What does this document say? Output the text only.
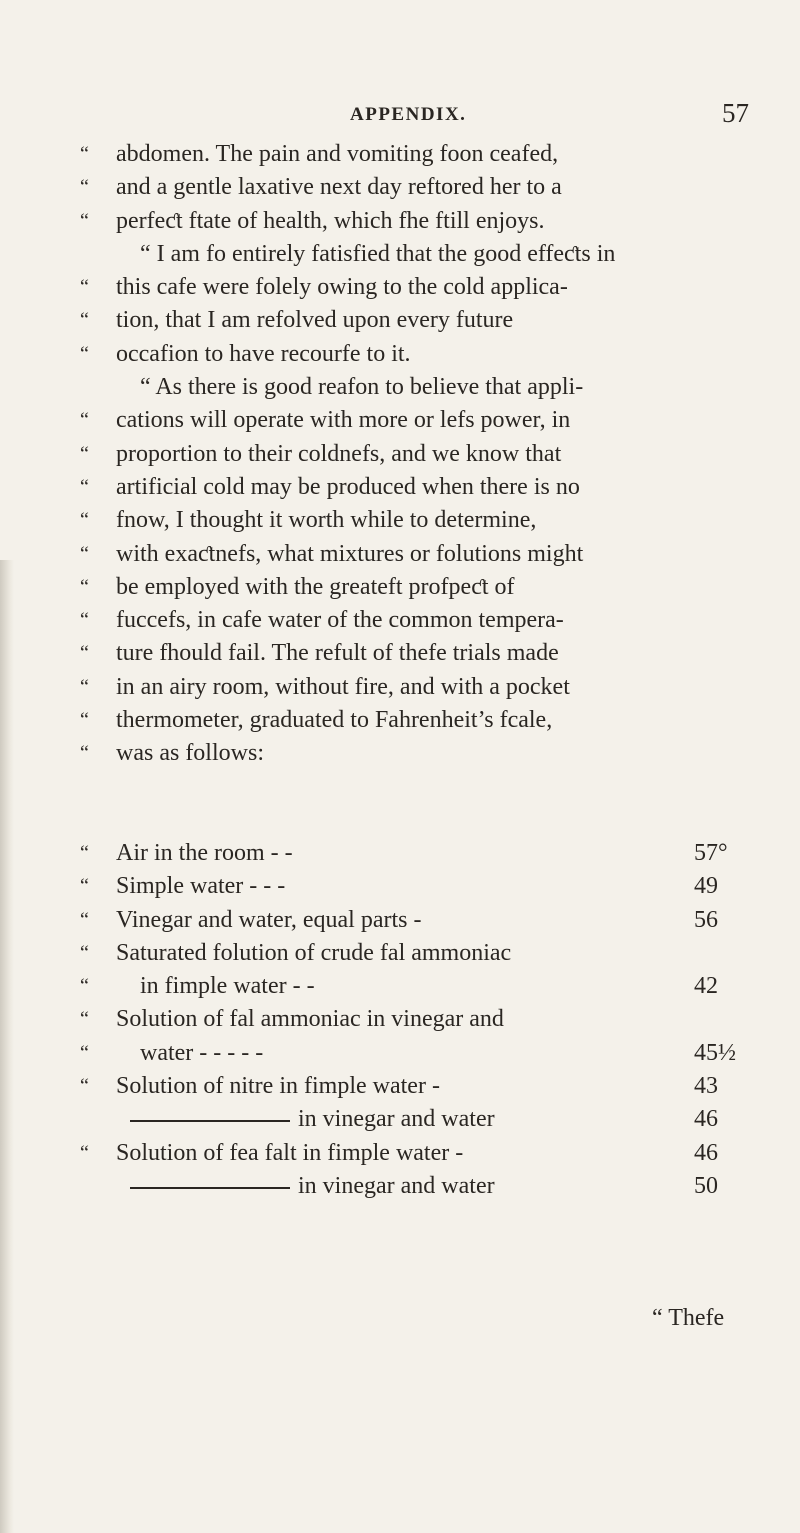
APPENDIX.	57
“	abdomen. The pain and vomiting foon ceafed,
“	and a gentle laxative next day reftored her to a
“	perfeƈt ftate of health, which fhe ftill enjoys.
“ I am fo entirely fatisfied that the good effeƈts in
“	this cafe were folely owing to the cold applica-
“	tion, that I am refolved upon every future
“	occafion to have recourfe to it.
“ As there is good reafon to believe that appli-
“	cations will operate with more or lefs power, in
“	proportion to their coldnefs, and we know that
“	artificial cold may be produced when there is no
“	fnow, I thought it worth while to determine,
“	with exaƈtnefs, what mixtures or folutions might
“	be employed with the greateft profpeƈt of
“	fuccefs, in cafe water of the common tempera-
“	ture fhould fail. The refult of thefe trials made
“	in an airy room, without fire, and with a pocket
“	thermometer, graduated to Fahrenheit’s fcale,
“	was as follows:
“	Air in the room - -	57°
“	Simple water - - -	49
“	Vinegar and water, equal parts -	56
“	Saturated folution of crude fal ammoniac
“	in fimple water - -	42
“	Solution of fal ammoniac in vinegar and
“	water - - - - -	45½
“	Solution of nitre in fimple water -	43
in vinegar and water	46
“	Solution of fea falt in fimple water -	46
in vinegar and water	50
“ Thefe
